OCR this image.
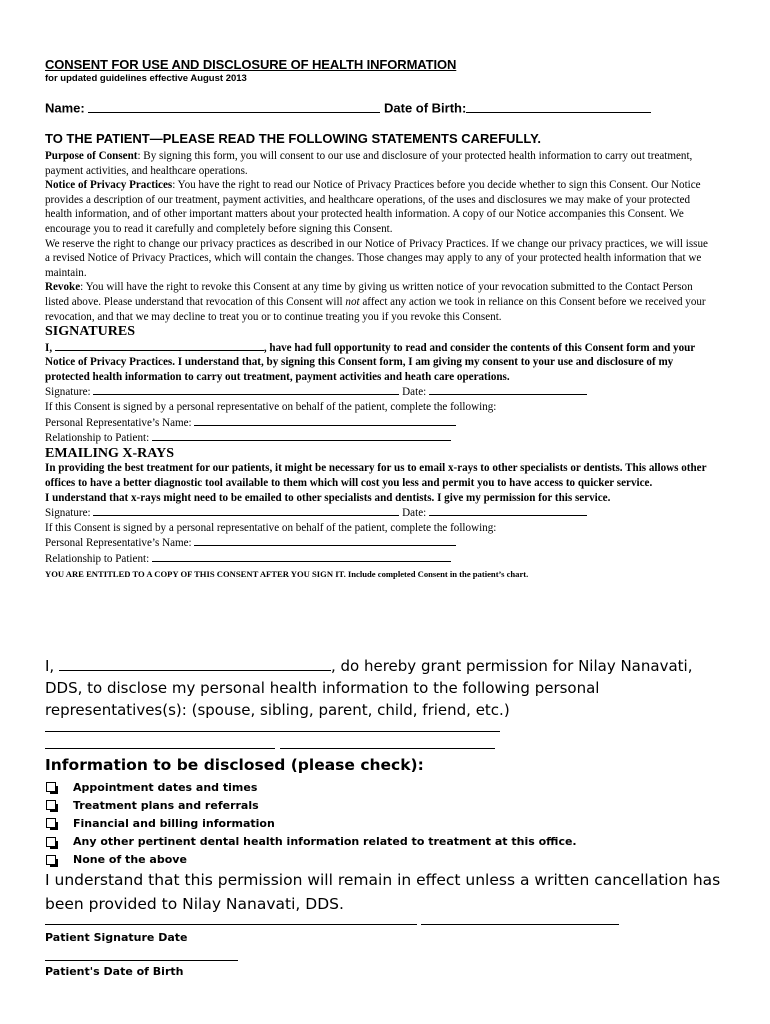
CONSENT FOR USE AND DISCLOSURE OF HEALTH INFORMATION
for updated guidelines effective August 2013
Name:	Date of Birth:
TO THE PATIENT—PLEASE READ THE FOLLOWING STATEMENTS CAREFULLY.
Purpose of Consent: By signing this form, you will consent to our use and disclosure of your protected health information to carry out treatment, payment activities, and healthcare operations.
Notice of Privacy Practices: You have the right to read our Notice of Privacy Practices before you decide whether to sign this Consent. Our Notice provides a description of our treatment, payment activities, and healthcare operations, of the uses and disclosures we may make of your protected health information, and of other important matters about your protected health information. A copy of our Notice accompanies this Consent. We encourage you to read it carefully and completely before signing this Consent.
We reserve the right to change our privacy practices as described in our Notice of Privacy Practices. If we change our privacy practices, we will issue a revised Notice of Privacy Practices, which will contain the changes. Those changes may apply to any of your protected health information that we maintain.
Revoke: You will have the right to revoke this Consent at any time by giving us written notice of your revocation submitted to the Contact Person listed above. Please understand that revocation of this Consent will not affect any action we took in reliance on this Consent before we received your revocation, and that we may decline to treat you or to continue treating you if you revoke this Consent.
SIGNATURES
I,	, have had full opportunity to read and consider the contents of this Consent form and your Notice of Privacy Practices. I understand that, by signing this Consent form, I am giving my consent to your use and disclosure of my protected health information to carry out treatment, payment activities and heath care operations.
Signature:	Date:
If this Consent is signed by a personal representative on behalf of the patient, complete the following:
Personal Representative’s Name:
Relationship to Patient:
EMAILING X-RAYS
In providing the best treatment for our patients, it might be necessary for us to email x-rays to other specialists or dentists. This allows other offices to have a better diagnostic tool available to them which will cost you less and permit you to have access to quicker service.
I understand that x-rays might need to be emailed to other specialists and dentists. I give my permission for this service.
Signature:	Date:
If this Consent is signed by a personal representative on behalf of the patient, complete the following:
Personal Representative’s Name:
Relationship to Patient:
YOU ARE ENTITLED TO A COPY OF THIS CONSENT AFTER YOU SIGN IT. Include completed Consent in the patient’s chart.
I,	, do hereby grant permission for Nilay Nanavati,
DDS, to disclose my personal health information to the following personal
representatives(s): (spouse, sibling, parent, child, friend, etc.)
Information to be disclosed (please check):
Appointment dates and times
Treatment plans and referrals
Financial and billing information
Any other pertinent dental health information related to treatment at this office.
None of the above
I understand that this permission will remain in effect unless a written cancellation has
been provided to Nilay Nanavati, DDS.
Patient Signature Date
Patient's Date of Birth
